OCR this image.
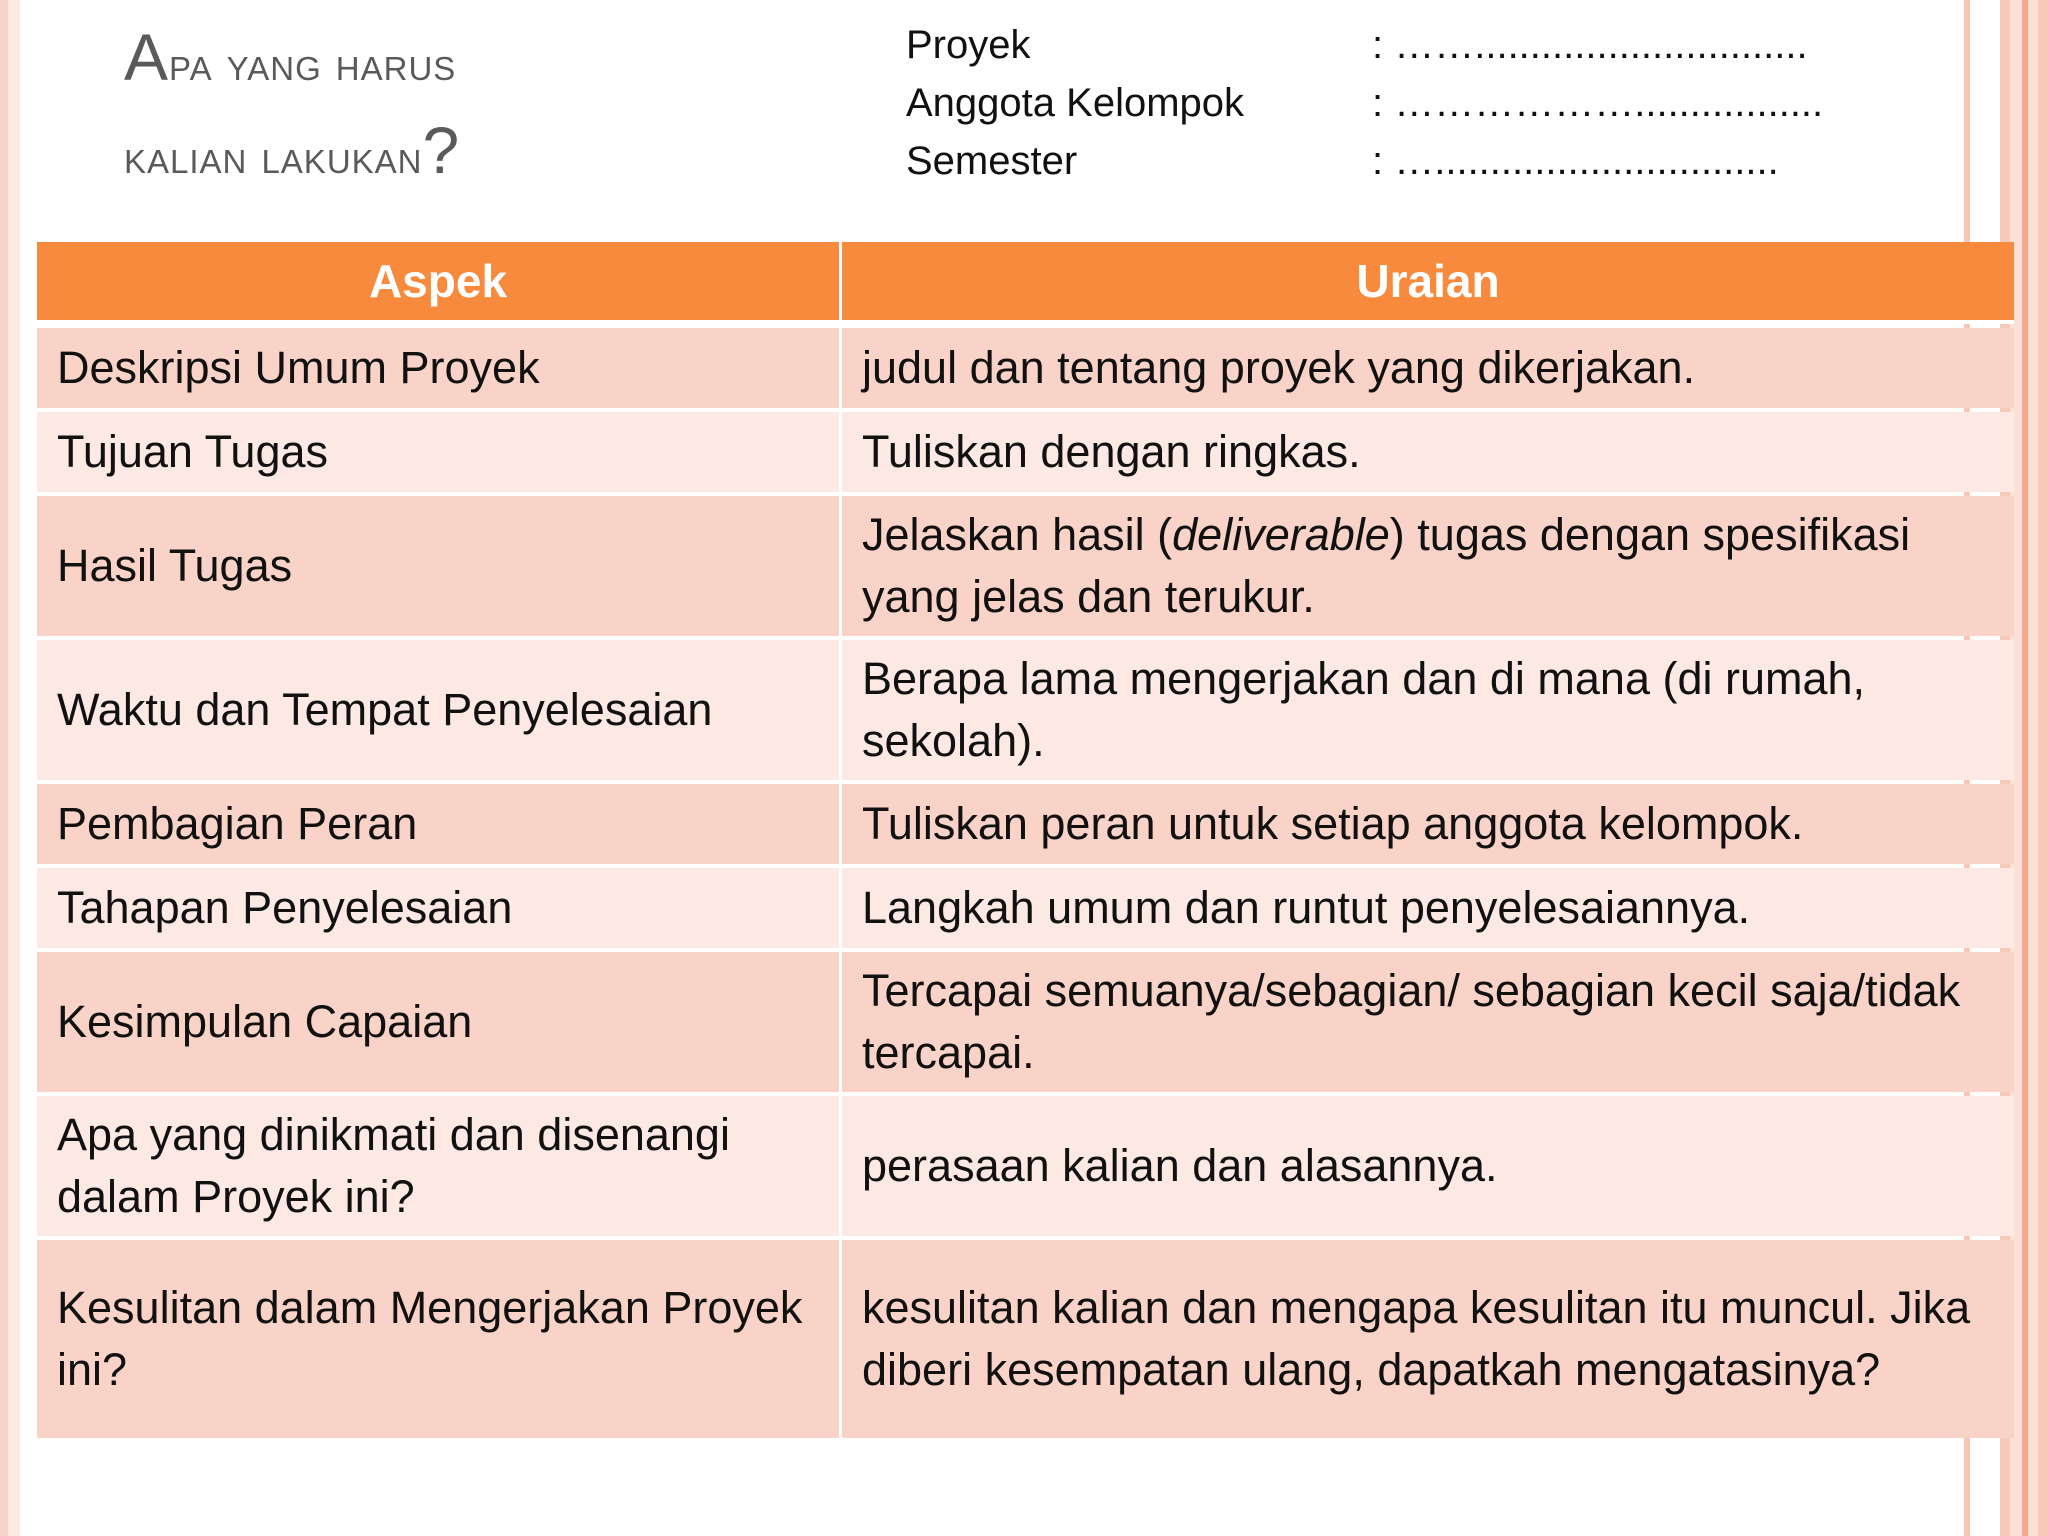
Apa yang harus
kalian lakukan?
Proyek	: ……..............................
Anggota Kelompok	: ……………….................
Semester	: …...............................
Aspek	Uraian
Deskripsi Umum Proyek	judul dan tentang proyek yang dikerjakan.
Tujuan Tugas	Tuliskan dengan ringkas.
Hasil Tugas	Jelaskan hasil (deliverable) tugas dengan spesifikasi yang jelas dan terukur.
Waktu dan Tempat Penyelesaian	Berapa lama mengerjakan dan di mana (di rumah, sekolah).
Pembagian Peran	Tuliskan peran untuk setiap anggota kelompok.
Tahapan Penyelesaian	Langkah umum dan runtut penyelesaiannya.
Kesimpulan Capaian	Tercapai semuanya/sebagian/ sebagian kecil saja/tidak tercapai.
Apa yang dinikmati dan disenangi dalam Proyek ini?	perasaan kalian dan alasannya.
Kesulitan dalam Mengerjakan Proyek ini?	kesulitan kalian dan mengapa kesulitan itu muncul. Jika diberi kesempatan ulang, dapatkah mengatasinya?
